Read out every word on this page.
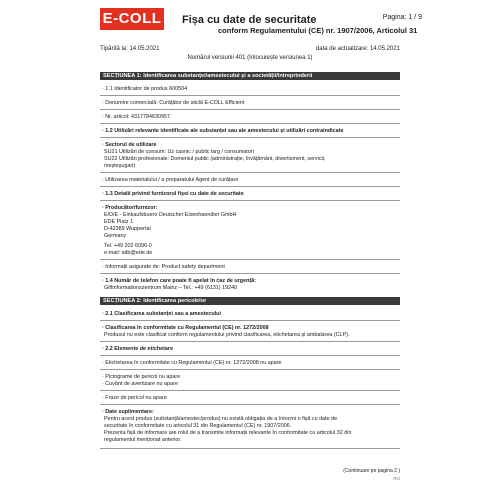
E-COLL	Pagina: 1 / 9
Fișa cu date de securitate
conform Regulamentului (CE) nr. 1907/2006, Articolul 31
Tipărită la: 14.05.2021	data de actualizare: 14.05.2021
Numărul versiunii 401 (înlocuiește versiunea 1)
SECȚIUNEA 1: Identificarea substanței/amestecului și a societății/întreprinderii
· 1.1 Identificator de produs 600504
· Denumire comercială: Curățător de sticlă E-COLL Efficient
· Nr. articol: 4317784630957
· 1.2 Utilizări relevante identificate ale substanței sau ale amestecului și utilizări contraindicate
· Sectorul de utilizare
SU21 Utilizări de consum: Uz casnic / public larg / consumatori
SU22 Utilizări profesionale: Domeniul public (administrație, învățământ, divertisment, servicii,
meșteșugari)
· Utilizarea materialului / a preparatului Agent de curățare
· 1.3 Detalii privind furnizorul fișei cu date de securitate
· Producător/furnizor:
E/D/E - Einkaufsbuero Deutscher Eisenhaendler GmbH
EDE Platz 1
D-42389 Wuppertal
Germany
Tel. +49 202 6096-0
e-mail: sdb@ede.de
· Informații asigurate de: Product safety department
· 1.4 Număr de telefon care poate fi apelat în caz de urgență:
Giftinformationszentrum Mainz – Tel.: +49 (6131) 19240
SECȚIUNEA 2: Identificarea pericolelor
· 2.1 Clasificarea substanței sau a amestecului
· Clasificarea în conformitate cu Regulamentul (CE) nr. 1272/2008
Produsul nu este clasificat conform regulamentului privind clasificarea, etichetarea și ambalarea (CLP).
· 2.2 Elemente de etichetare
· Etichetarea în conformitate cu Regulamentul (CE) nr. 1272/2008 nu apare
· Pictograme de pericol nu apare
· Cuvânt de avertizare nu apare
· Fraze de pericol nu apare
· Date suplimentare:
Pentru acest produs (substanță/amestec/produs) nu există obligația de a întocmi o fișă cu date de
securitate în conformitate cu articolul 31 din Regulamentul (CE) nr. 1907/2006.
Prezenta fișă de informare are rolul de a transmite informații relevante în conformitate cu articolul 32 din
regulamentul menționat anterior.
(Continuare pe pagina 2 )
RO
